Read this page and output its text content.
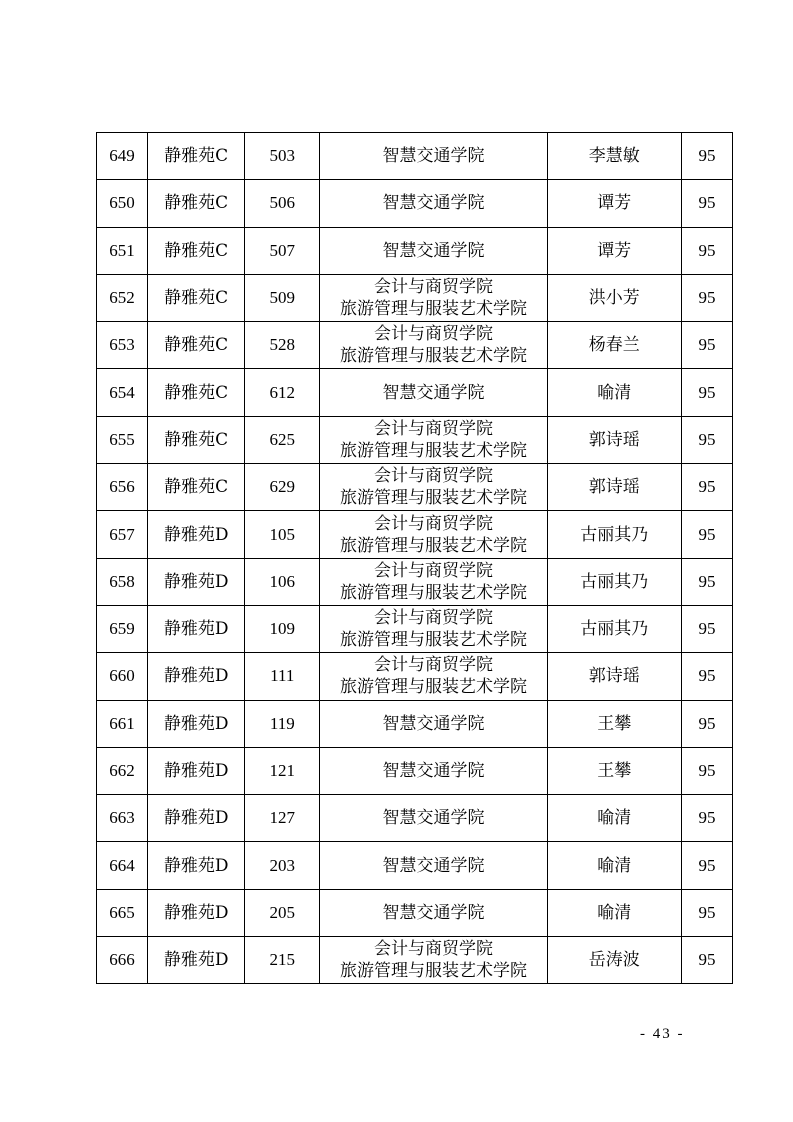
649	静雅苑C	503	智慧交通学院	李慧敏	95
650	静雅苑C	506	智慧交通学院	谭芳	95
651	静雅苑C	507	智慧交通学院	谭芳	95
652	静雅苑C	509	会计与商贸学院
旅游管理与服装艺术学院	洪小芳	95
653	静雅苑C	528	会计与商贸学院
旅游管理与服装艺术学院	杨春兰	95
654	静雅苑C	612	智慧交通学院	喻清	95
655	静雅苑C	625	会计与商贸学院
旅游管理与服装艺术学院	郭诗瑶	95
656	静雅苑C	629	会计与商贸学院
旅游管理与服装艺术学院	郭诗瑶	95
657	静雅苑D	105	会计与商贸学院
旅游管理与服装艺术学院	古丽其乃	95
658	静雅苑D	106	会计与商贸学院
旅游管理与服装艺术学院	古丽其乃	95
659	静雅苑D	109	会计与商贸学院
旅游管理与服装艺术学院	古丽其乃	95
660	静雅苑D	111	会计与商贸学院
旅游管理与服装艺术学院	郭诗瑶	95
661	静雅苑D	119	智慧交通学院	王攀	95
662	静雅苑D	121	智慧交通学院	王攀	95
663	静雅苑D	127	智慧交通学院	喻清	95
664	静雅苑D	203	智慧交通学院	喻清	95
665	静雅苑D	205	智慧交通学院	喻清	95
666	静雅苑D	215	会计与商贸学院
旅游管理与服装艺术学院	岳涛波	95
- 43 -
